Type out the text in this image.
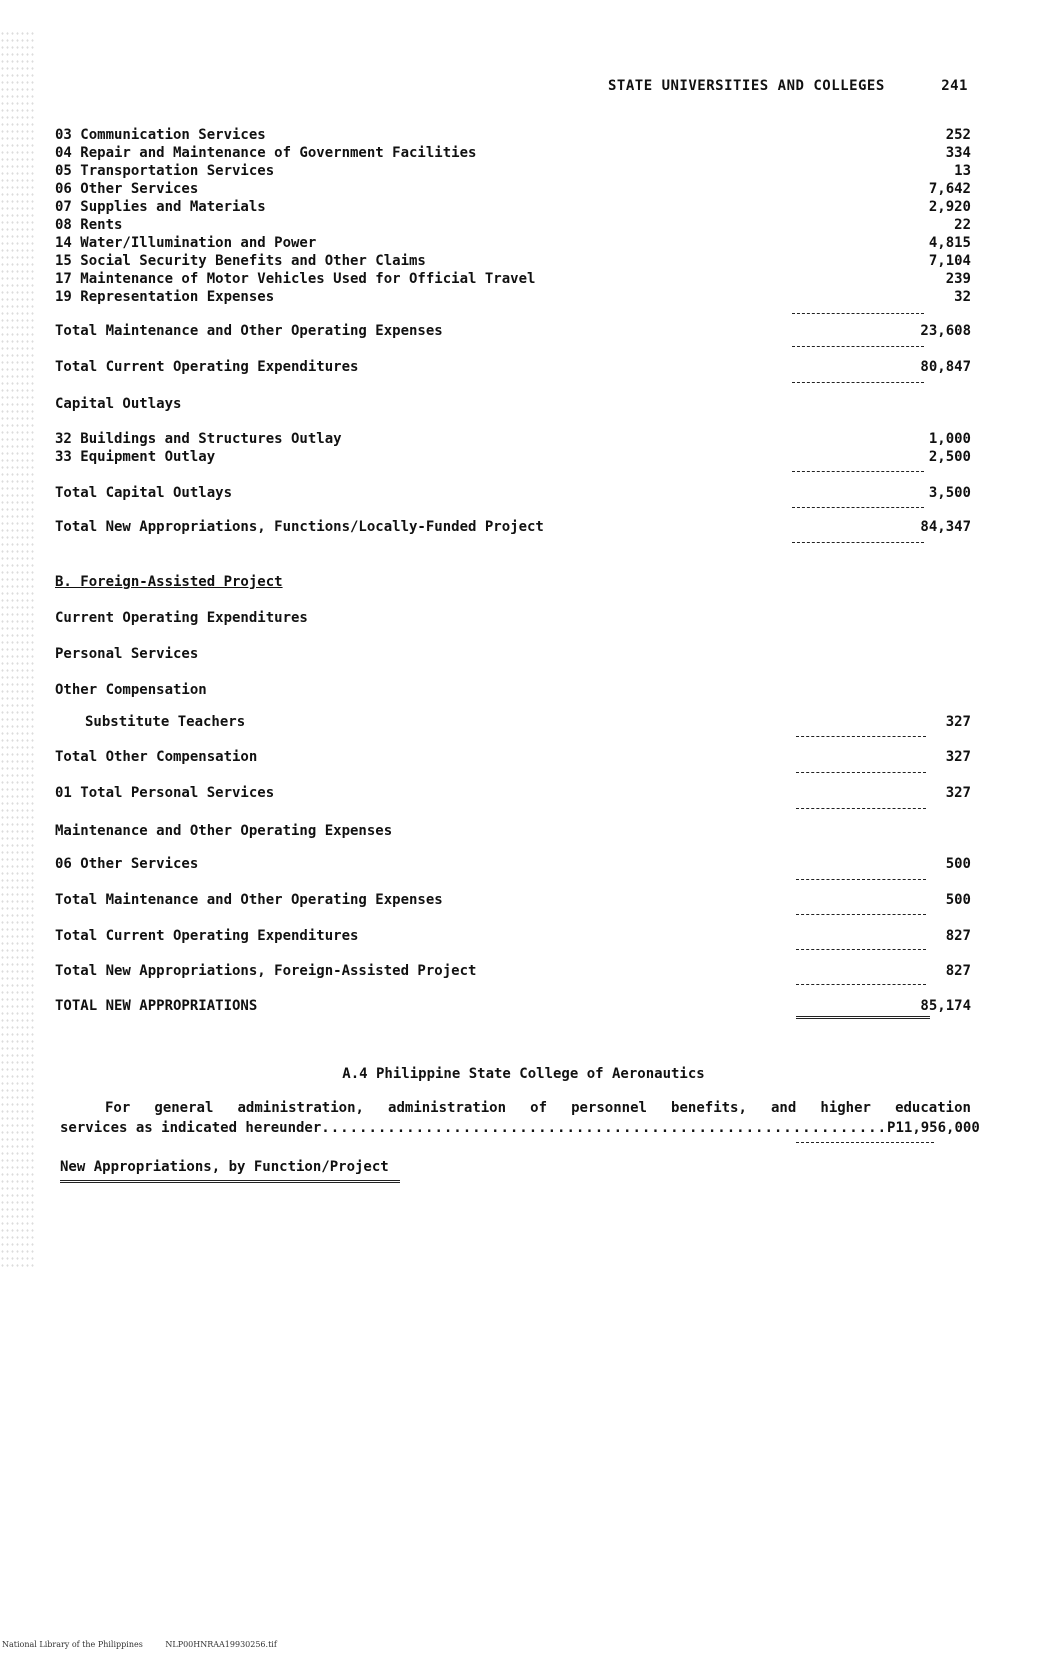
STATE UNIVERSITIES AND COLLEGES	241
03 Communication Services	252
04 Repair and Maintenance of Government Facilities	334
05 Transportation Services	13
06 Other Services	7,642
07 Supplies and Materials	2,920
08 Rents	22
14 Water/Illumination and Power	4,815
15 Social Security Benefits and Other Claims	7,104
17 Maintenance of Motor Vehicles Used for Official Travel	239
19 Representation Expenses	32
Total Maintenance and Other Operating Expenses	23,608
Total Current Operating Expenditures	80,847
Capital Outlays
32 Buildings and Structures Outlay	1,000
33 Equipment Outlay	2,500
Total Capital Outlays	3,500
Total New Appropriations, Functions/Locally-Funded Project	84,347
B. Foreign-Assisted Project
Current Operating Expenditures
Personal Services
Other Compensation
Substitute Teachers	327
Total Other Compensation	327
01 Total Personal Services	327
Maintenance and Other Operating Expenses
06 Other Services	500
Total Maintenance and Other Operating Expenses	500
Total Current Operating Expenditures	827
Total New Appropriations, Foreign-Assisted Project	827
TOTAL NEW APPROPRIATIONS	85,174
A.4 Philippine State College of Aeronautics
For general administration, administration of personnel benefits, and higher education
services as indicated hereunder ............................................................ P 11,956,000
New Appropriations, by Function/Project
National Library of the Philippines	NLP00HNRAA19930256.tif
